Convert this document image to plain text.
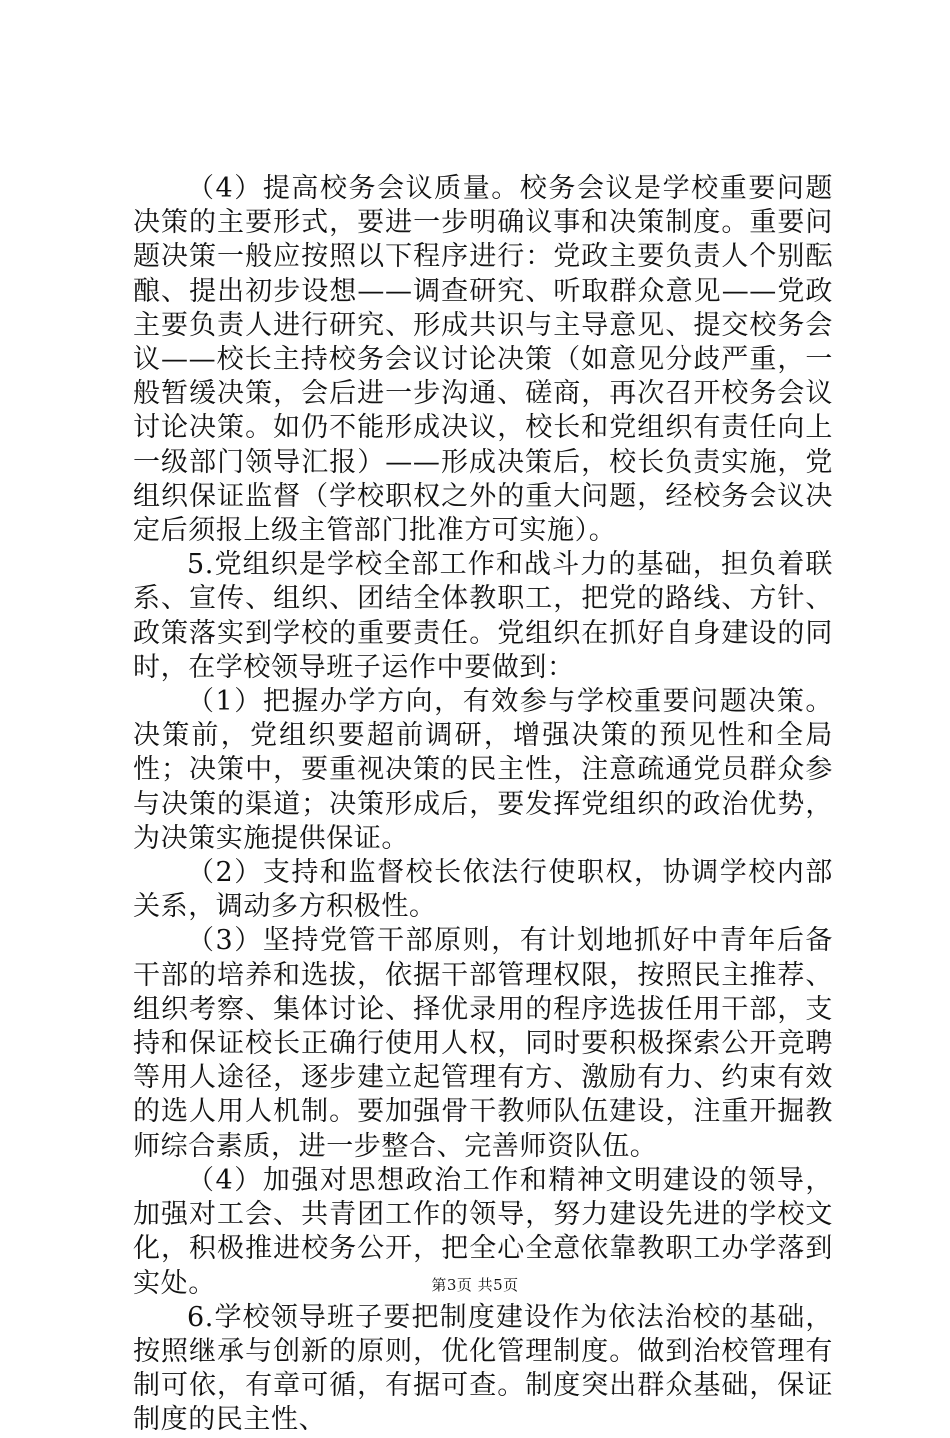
（4）提高校务会议质量。校务会议是学校重要问题决策的主要形式，要进一步明确议事和决策制度。重要问题决策一般应按照以下程序进行：党政主要负责人个别酝酿、提出初步设想——调查研究、听取群众意见——党政主要负责人进行研究、形成共识与主导意见、提交校务会议——校长主持校务会议讨论决策（如意见分歧严重，一般暂缓决策，会后进一步沟通、磋商，再次召开校务会议讨论决策。如仍不能形成决议，校长和党组织有责任向上一级部门领导汇报）——形成决策后，校长负责实施，党组织保证监督（学校职权之外的重大问题，经校务会议决定后须报上级主管部门批准方可实施）。

5.党组织是学校全部工作和战斗力的基础，担负着联系、宣传、组织、团结全体教职工，把党的路线、方针、政策落实到学校的重要责任。党组织在抓好自身建设的同时，在学校领导班子运作中要做到：

（1）把握办学方向，有效参与学校重要问题决策。决策前，党组织要超前调研，增强决策的预见性和全局性；决策中，要重视决策的民主性，注意疏通党员群众参与决策的渠道；决策形成后，要发挥党组织的政治优势，为决策实施提供保证。

（2）支持和监督校长依法行使职权，协调学校内部关系，调动多方积极性。

（3）坚持党管干部原则，有计划地抓好中青年后备干部的培养和选拔，依据干部管理权限，按照民主推荐、组织考察、集体讨论、择优录用的程序选拔任用干部，支持和保证校长正确行使用人权，同时要积极探索公开竞聘等用人途径，逐步建立起管理有方、激励有力、约束有效的选人用人机制。要加强骨干教师队伍建设，注重开掘教师综合素质，进一步整合、完善师资队伍。

（4）加强对思想政治工作和精神文明建设的领导，加强对工会、共青团工作的领导，努力建设先进的学校文化，积极推进校务公开，把全心全意依靠教职工办学落到实处。

6.学校领导班子要把制度建设作为依法治校的基础，按照继承与创新的原则，优化管理制度。做到治校管理有制可依，有章可循，有据可查。制度突出群众基础，保证制度的民主性、

第3页 共5页
